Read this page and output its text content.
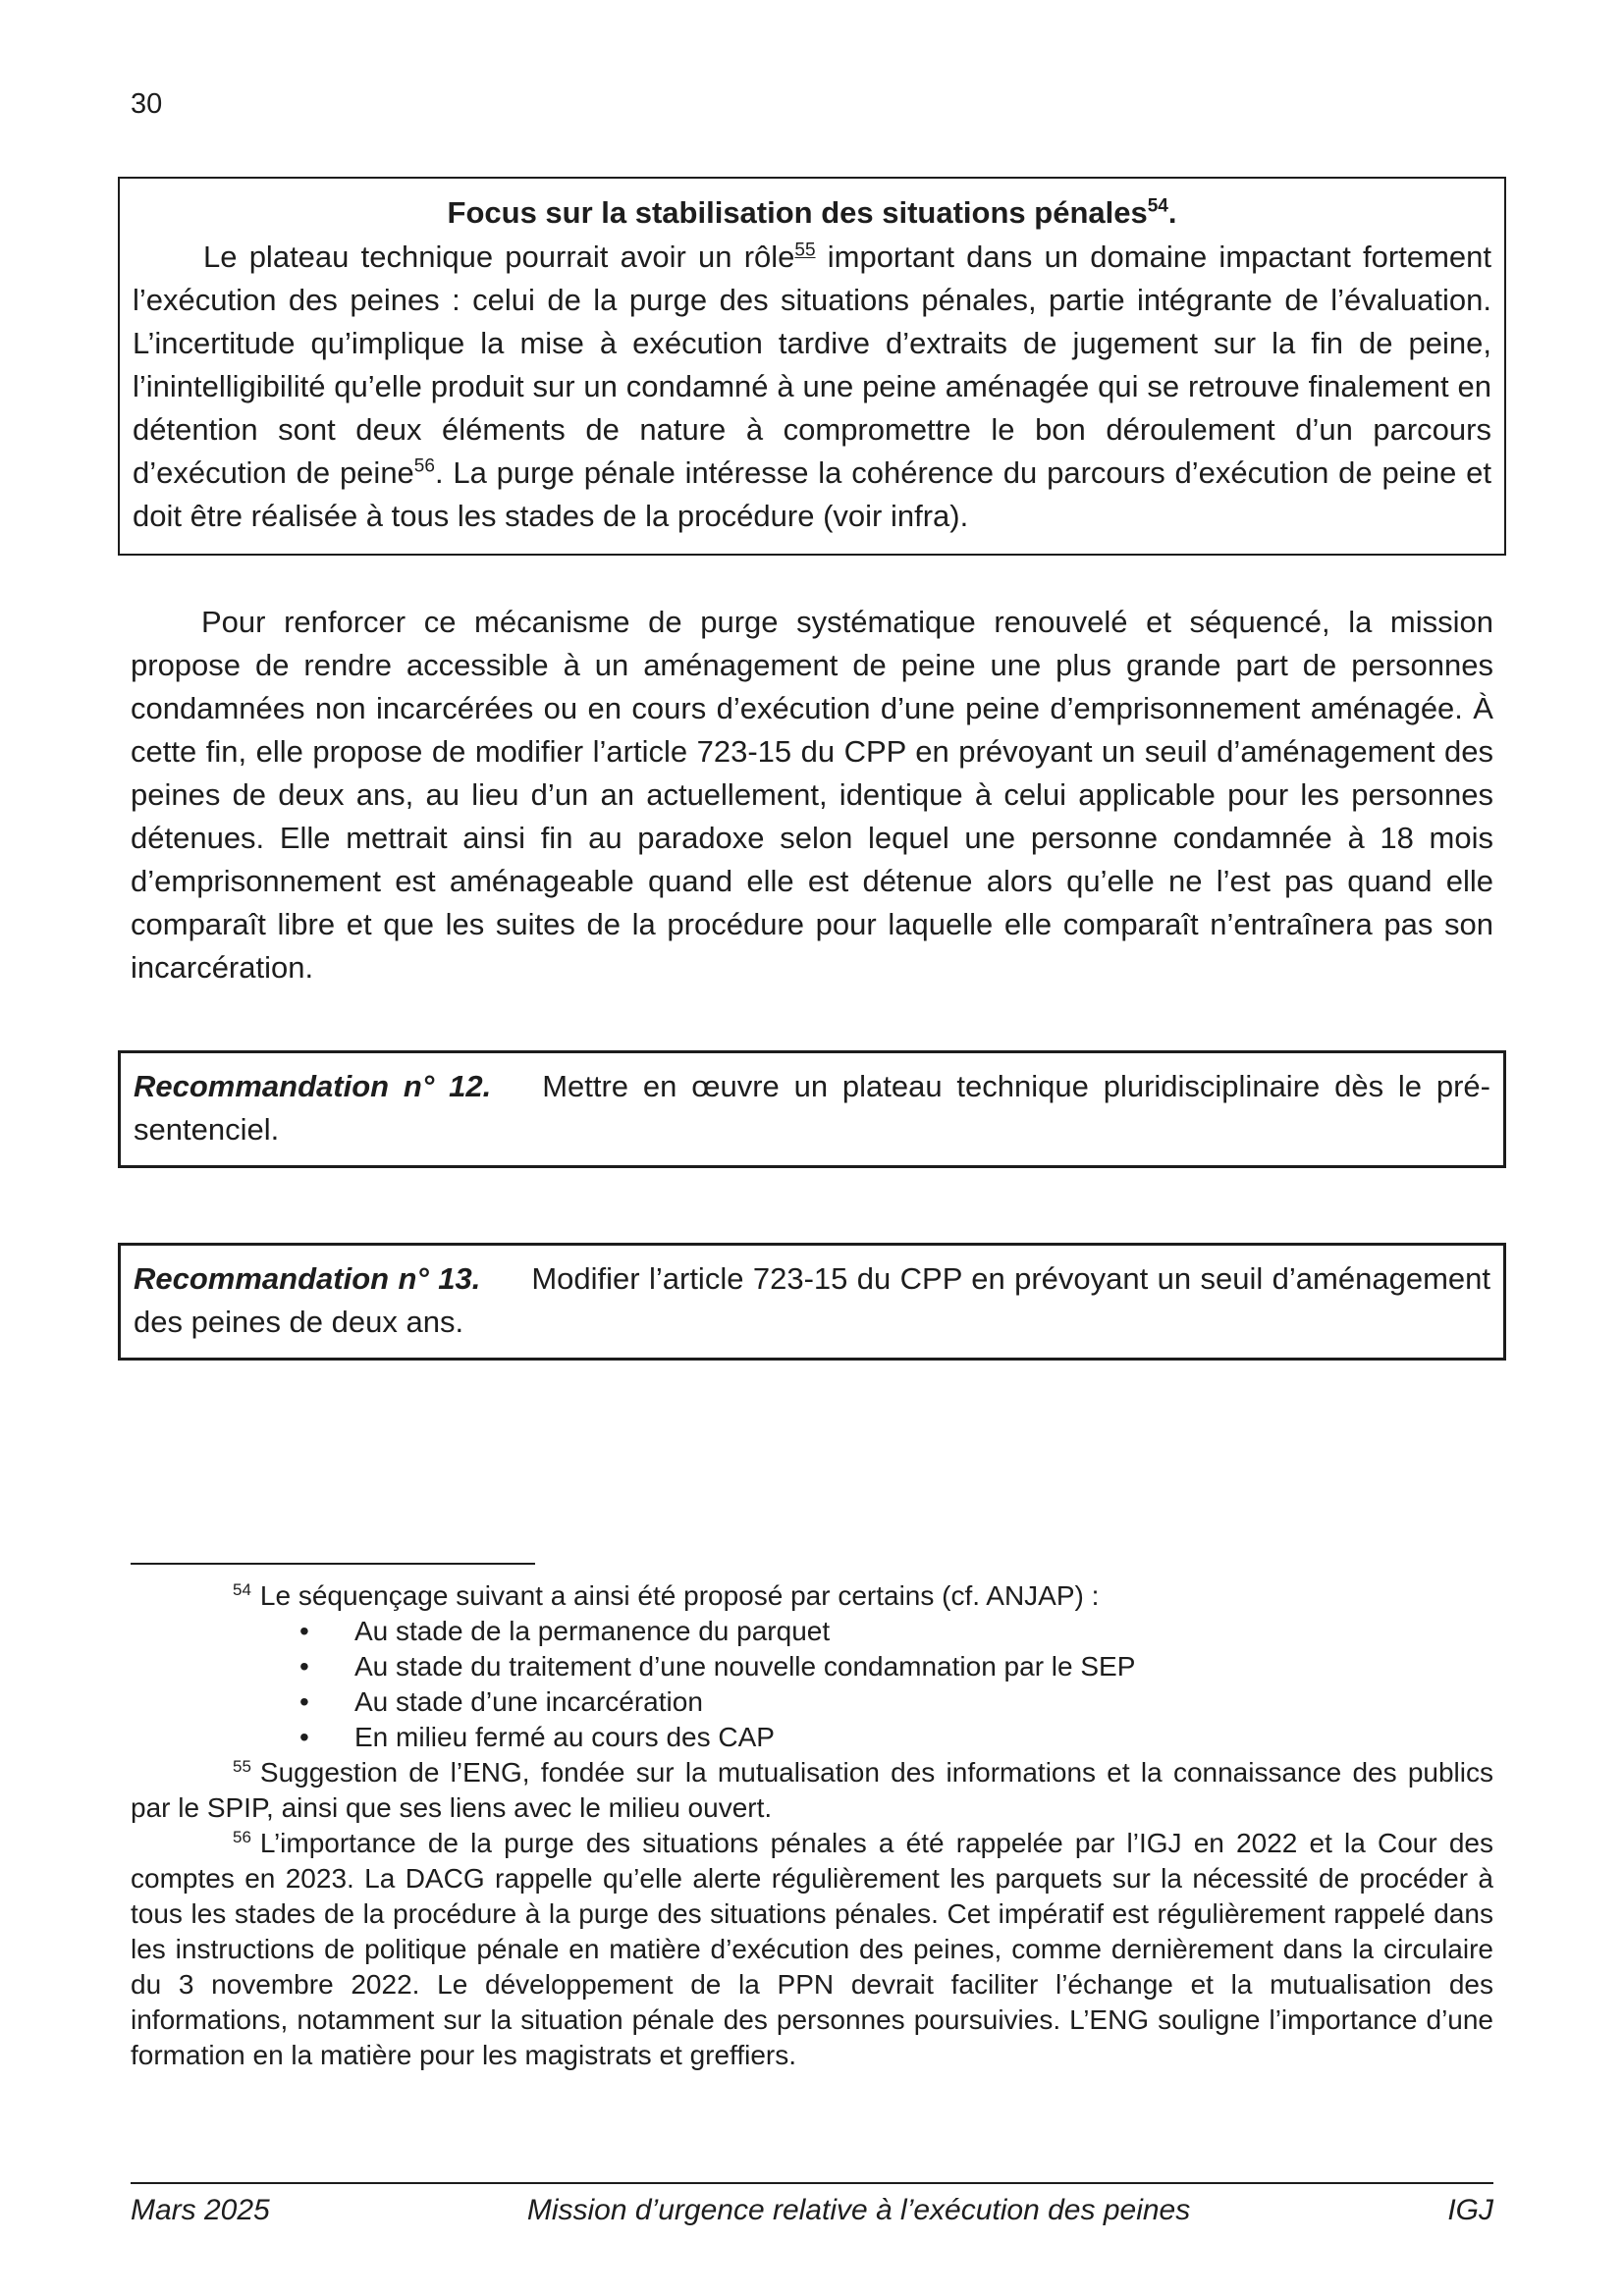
30
Focus sur la stabilisation des situations pénales$^{54}$.

Le plateau technique pourrait avoir un rôle$^{55}$ important dans un domaine impactant fortement l’exécution des peines : celui de la purge des situations pénales, partie intégrante de l’évaluation. L’incertitude qu’implique la mise à exécution tardive d’extraits de jugement sur la fin de peine, l’inintelligibilité qu’elle produit sur un condamné à une peine aménagée qui se retrouve finalement en détention sont deux éléments de nature à compromettre le bon déroulement d’un parcours d’exécution de peine$^{56}$. La purge pénale intéresse la cohérence du parcours d’exécution de peine et doit être réalisée à tous les stades de la procédure (voir infra).

Pour renforcer ce mécanisme de purge systématique renouvelé et séquencé, la mission propose de rendre accessible à un aménagement de peine une plus grande part de personnes condamnées non incarcérées ou en cours d’exécution d’une peine d’emprisonnement aménagée. À cette fin, elle propose de modifier l’article 723-15 du CPP en prévoyant un seuil d’aménagement des peines de deux ans, au lieu d’un an actuellement, identique à celui applicable pour les personnes détenues. Elle mettrait ainsi fin au paradoxe selon lequel une personne condamnée à 18 mois d’emprisonnement est aménageable quand elle est détenue alors qu’elle ne l’est pas quand elle comparaît libre et que les suites de la procédure pour laquelle elle comparaît n’entraînera pas son incarcération.

Recommandation n° 12. Mettre en œuvre un plateau technique pluridisciplinaire dès le pré-sentenciel.

Recommandation n° 13. Modifier l’article 723-15 du CPP en prévoyant un seuil d’aménagement des peines de deux ans.

$^{54}$ Le séquençage suivant a ainsi été proposé par certains (cf. ANJAP) :

• Au stade de la permanence du parquet
• Au stade du traitement d’une nouvelle condamnation par le SEP
• Au stade d’une incarcération
• En milieu fermé au cours des CAP

$^{55}$ Suggestion de l’ENG, fondée sur la mutualisation des informations et la connaissance des publics par le SPIP, ainsi que ses liens avec le milieu ouvert.

$^{56}$ L’importance de la purge des situations pénales a été rappelée par l’IGJ en 2022 et la Cour des comptes en 2023. La DACG rappelle qu’elle alerte régulièrement les parquets sur la nécessité de procéder à tous les stades de la procédure à la purge des situations pénales. Cet impératif est régulièrement rappelé dans les instructions de politique pénale en matière d’exécution des peines, comme dernièrement dans la circulaire du 3 novembre 2022. Le développement de la PPN devrait faciliter l’échange et la mutualisation des informations, notamment sur la situation pénale des personnes poursuivies. L’ENG souligne l’importance d’une formation en la matière pour les magistrats et greffiers.

Mars 2025	Mission d’urgence relative à l’exécution des peines	IGJ
